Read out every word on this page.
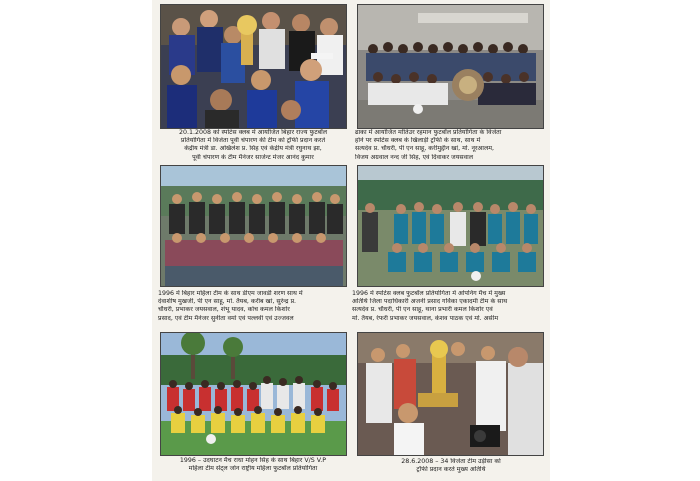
20.1.2008 को स्पोर्टस क्लब में आयोजित बिहार राज्य फुटबॉल
प्रतियोगिता में विजेता पूर्वी चंपारण की टीम को ट्रॉफी प्रदान करते
केंद्रीय मंत्री डा. अखिलेश प्र. सिंह एवं केंद्रीय मंत्री रघुनाथ झा,
पूर्वी चंपारण के टीम मैनेजर सार्जेन्ट मेजर आनंद कुमार
ढाका में आयोजित मोतिउर रहमान फुटबॉल प्रतियोगिता के विजेता
होने पर स्पोर्टस क्लब के खिलाड़ी ट्रॉफी के साथ, साथ में
सत्यदेव प्र. चौधरी, पी एन साहू, करीमुद्दीन खां, मो. नूरआलम,
विजय अग्रवाल नन्द जी सिंह, एवं दिवाकर जयसवाल
1996 में बिहार महिला टीम के साथ डीएम जावडी शरण साथ में
देवाशीष मुखर्जी, पी एन साहू, मो. तैयब, करीब खां, सुरेन्द्र प्र.
चौधरी, प्रभाकर जयसवाल, शंभू यादव, कोच कमल किशोर
प्रसाद, एवं टीम मैनेजर सुनीता वर्मा एवं पल्लवी एवं उज्जवल
1996 में स्पोर्टस क्लब फुटबॉल प्रतियोगिता में ओपनिंग मैच में मुख्य
अतिथि जिला पदाधिकारी अजनी प्रसाद गर्विका एकादमी टीम के साथ
सत्यदेव प्र. चौधरी, पी एन साहू, थाना प्रभारी कमल किशोर एवं
मो. तैयब, रेफरी प्रभाकर जयसवाल, केशव पाठक एवं मो. असीम
1996 – उदघाटन मैच राधा मोहन सिंह के साथ बिहार V/S V.P
महिला टीम सेंट्ल जोन राष्ट्रीय महिला फुटबॉल प्रतियोगिता
28.6.2008 – 34 विजेता टीम उड़ीसा को
ट्रॉफी प्रदान करते मुख्य अतिथि
